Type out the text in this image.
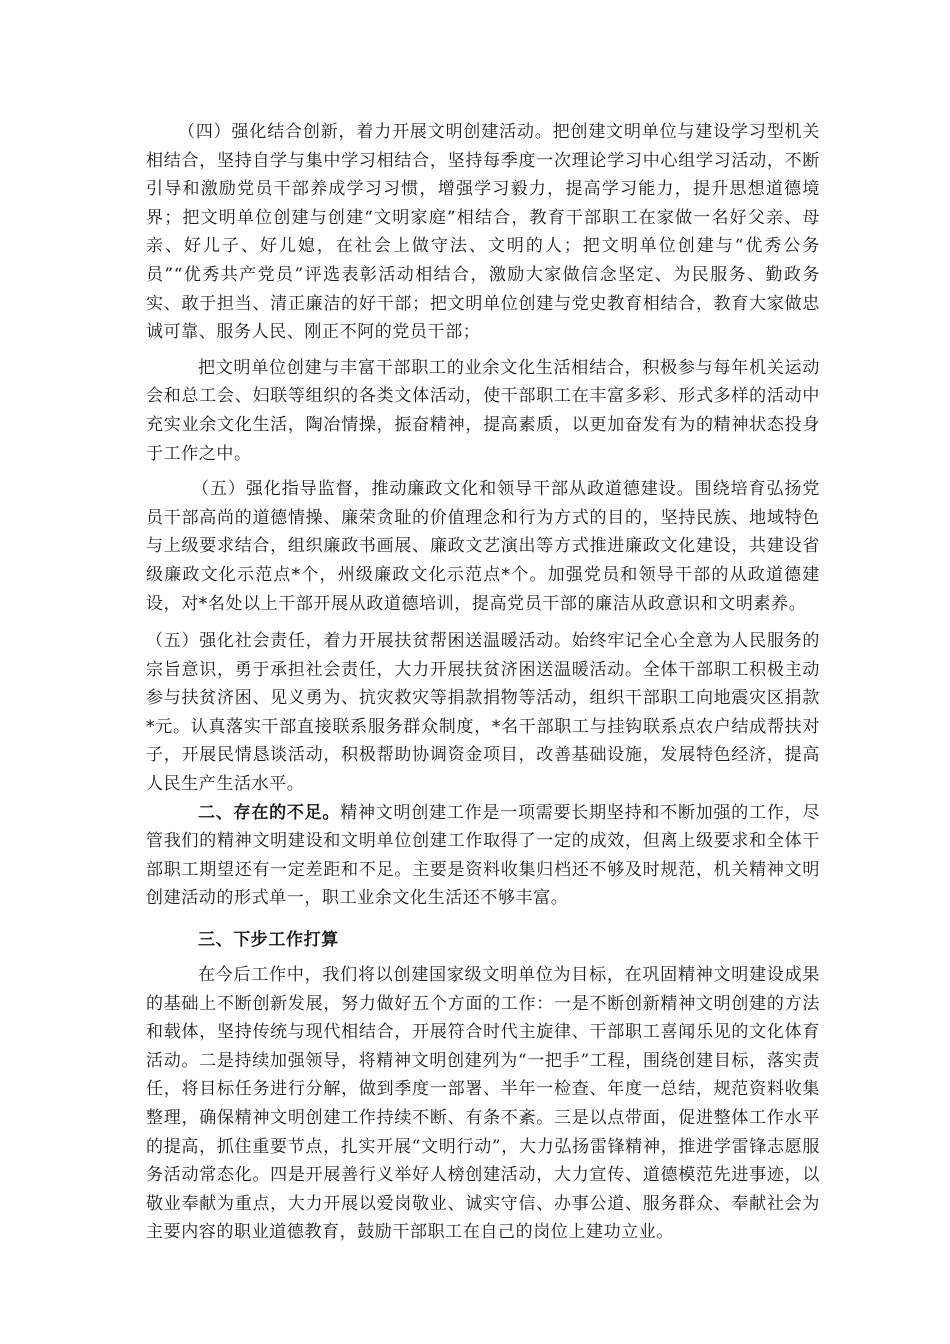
（四）强化结合创新，着力开展文明创建活动。把创建文明单位与建设学习型机关相结合，坚持自学与集中学习相结合，坚持每季度一次理论学习中心组学习活动，不断引导和激励党员干部养成学习习惯，增强学习毅力，提高学习能力，提升思想道德境界；把文明单位创建与创建“文明家庭”相结合，教育干部职工在家做一名好父亲、母亲、好儿子、好儿媳，在社会上做守法、文明的人；把文明单位创建与“优秀公务员”“优秀共产党员”评选表彰活动相结合，激励大家做信念坚定、为民服务、勤政务实、敢于担当、清正廉洁的好干部；把文明单位创建与党史教育相结合，教育大家做忠诚可靠、服务人民、刚正不阿的党员干部；

把文明单位创建与丰富干部职工的业余文化生活相结合，积极参与每年机关运动会和总工会、妇联等组织的各类文体活动，使干部职工在丰富多彩、形式多样的活动中充实业余文化生活，陶冶情操，振奋精神，提高素质，以更加奋发有为的精神状态投身于工作之中。

（五）强化指导监督，推动廉政文化和领导干部从政道德建设。围绕培育弘扬党员干部高尚的道德情操、廉荣贪耻的价值理念和行为方式的目的，坚持民族、地域特色与上级要求结合，组织廉政书画展、廉政文艺演出等方式推进廉政文化建设，共建设省级廉政文化示范点*个，州级廉政文化示范点*个。加强党员和领导干部的从政道德建设，对*名处以上干部开展从政道德培训，提高党员干部的廉洁从政意识和文明素养。

（五）强化社会责任，着力开展扶贫帮困送温暖活动。始终牢记全心全意为人民服务的宗旨意识，勇于承担社会责任，大力开展扶贫济困送温暖活动。全体干部职工积极主动参与扶贫济困、见义勇为、抗灾救灾等捐款捐物等活动，组织干部职工向地震灾区捐款*元。认真落实干部直接联系服务群众制度，*名干部职工与挂钩联系点农户结成帮扶对子，开展民情恳谈活动，积极帮助协调资金项目，改善基础设施，发展特色经济，提高人民生产生活水平。

二、存在的不足。精神文明创建工作是一项需要长期坚持和不断加强的工作，尽管我们的精神文明建设和文明单位创建工作取得了一定的成效，但离上级要求和全体干部职工期望还有一定差距和不足。主要是资料收集归档还不够及时规范，机关精神文明创建活动的形式单一，职工业余文化生活还不够丰富。

三、下步工作打算

在今后工作中，我们将以创建国家级文明单位为目标，在巩固精神文明建设成果的基础上不断创新发展，努力做好五个方面的工作：一是不断创新精神文明创建的方法和载体，坚持传统与现代相结合，开展符合时代主旋律、干部职工喜闻乐见的文化体育活动。二是持续加强领导，将精神文明创建列为“一把手”工程，围绕创建目标，落实责任，将目标任务进行分解，做到季度一部署、半年一检查、年度一总结，规范资料收集整理，确保精神文明创建工作持续不断、有条不紊。三是以点带面，促进整体工作水平的提高，抓住重要节点，扎实开展“文明行动”，大力弘扬雷锋精神，推进学雷锋志愿服务活动常态化。四是开展善行义举好人榜创建活动，大力宣传、道德模范先进事迹，以敬业奉献为重点，大力开展以爱岗敬业、诚实守信、办事公道、服务群众、奉献社会为主要内容的职业道德教育，鼓励干部职工在自己的岗位上建功立业。
